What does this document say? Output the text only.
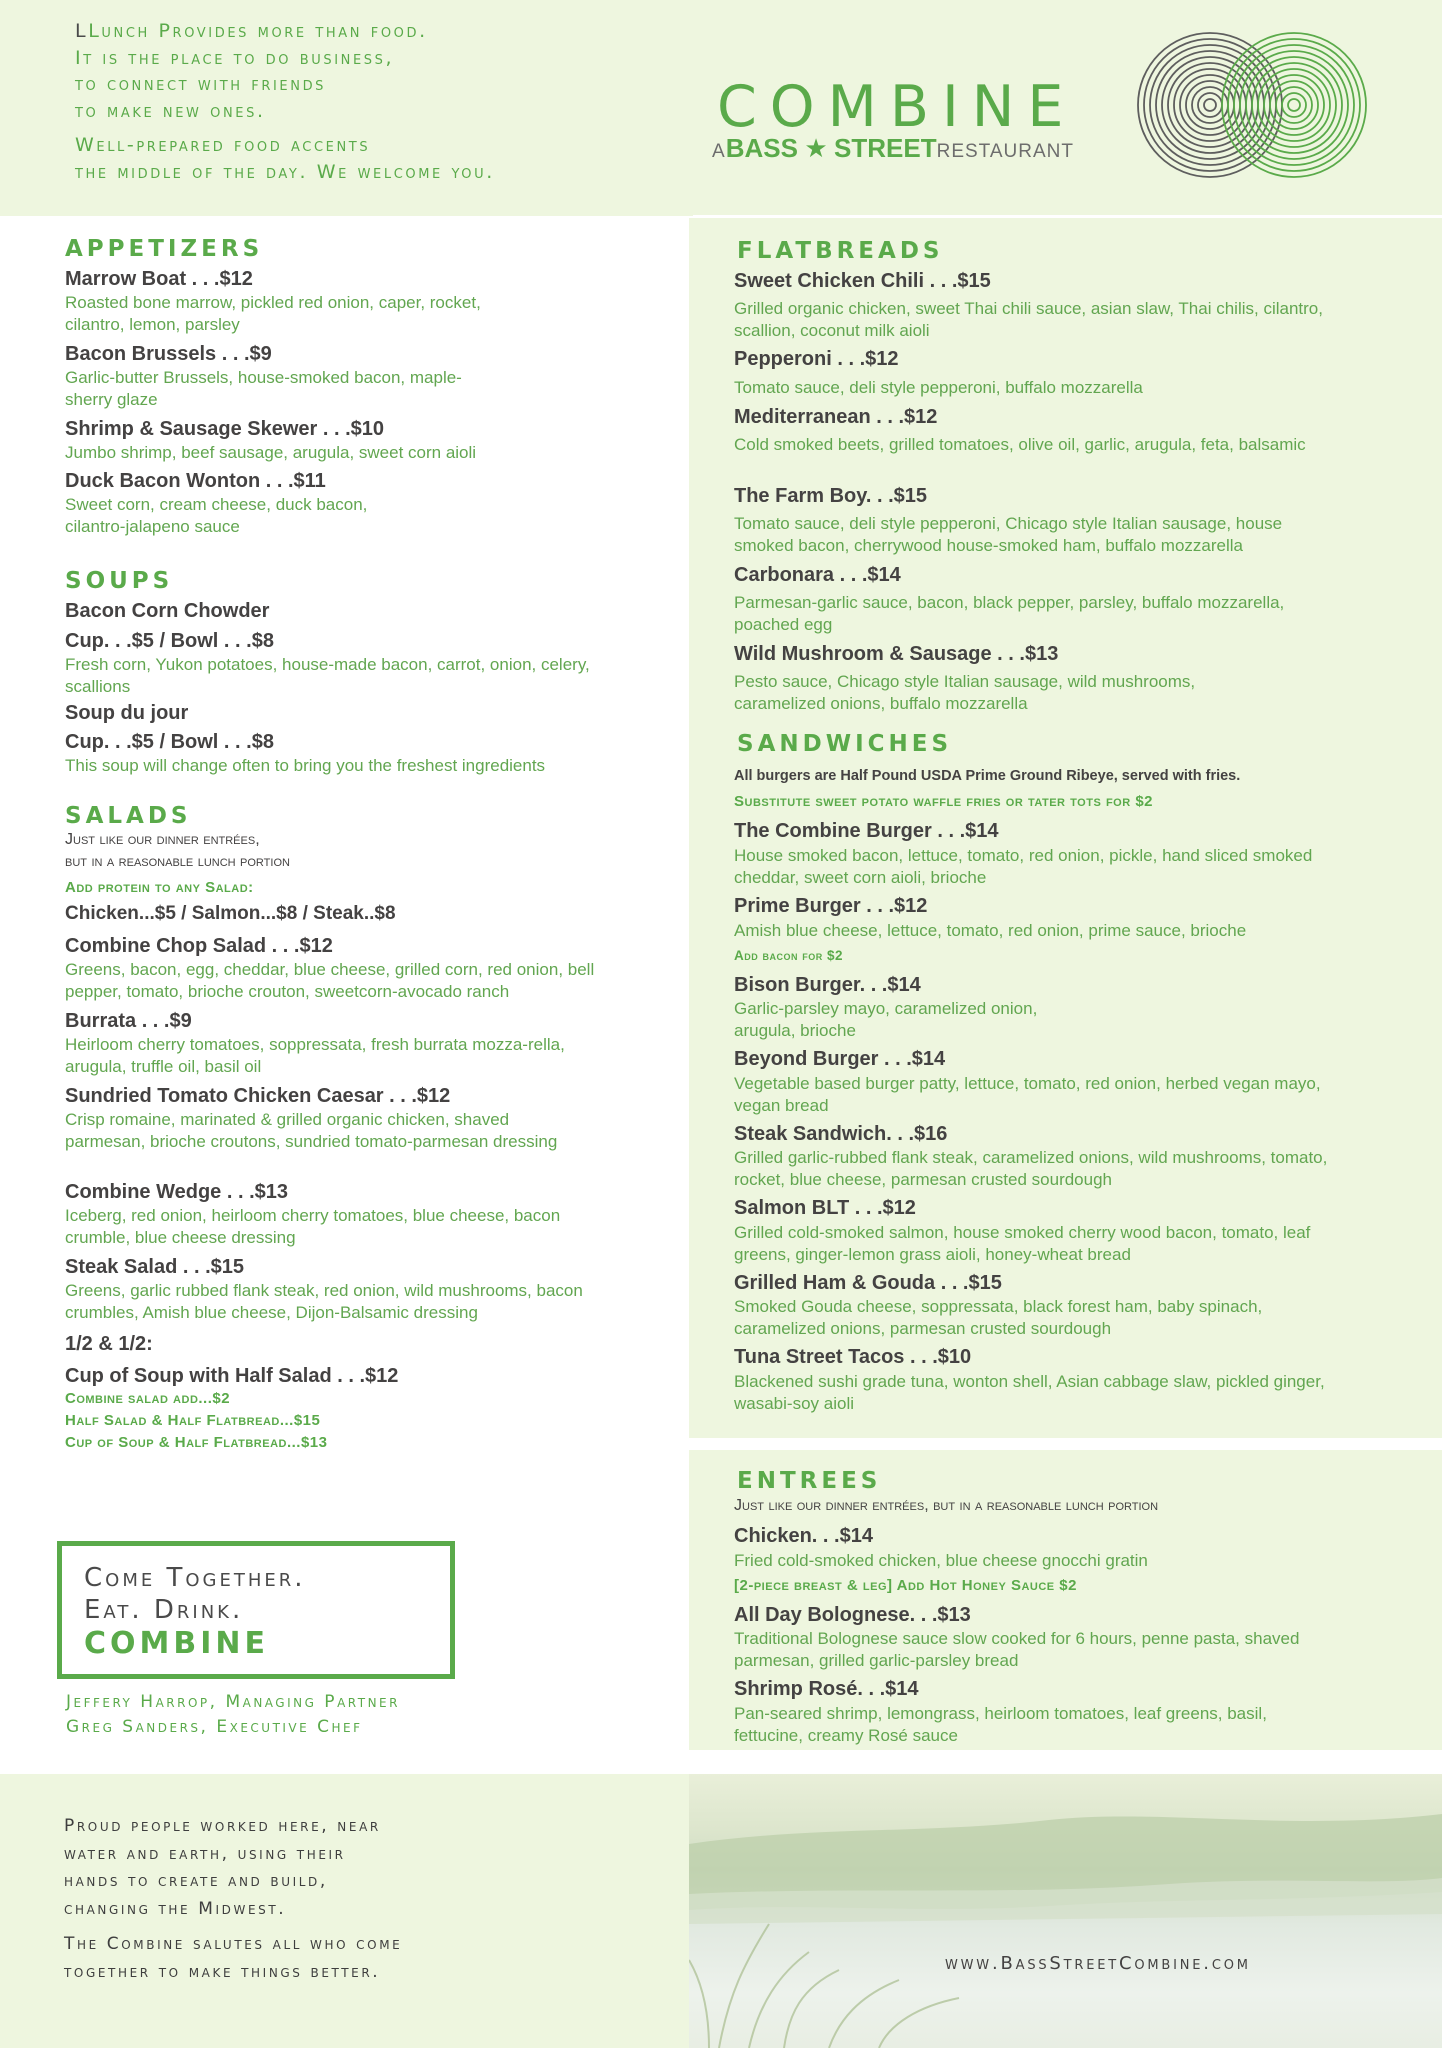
LLunch Provides more than food.
It is the place to do business,
to connect with friends
to make new ones.
Well-prepared food accents
the middle of the day. We welcome you.
COMBINE
ABASS ★ STREETRESTAURANT
APPETIZERS
Marrow Boat . . .$12
Roasted bone marrow, pickled red onion, caper, rocket, cilantro, lemon, parsley
Bacon Brussels . . .$9
Garlic-butter Brussels, house-smoked bacon, maple-sherry glaze
Shrimp & Sausage Skewer . . .$10
Jumbo shrimp, beef sausage, arugula, sweet corn aioli
Duck Bacon Wonton . . .$11
Sweet corn, cream cheese, duck bacon, cilantro-jalapeno sauce
SOUPS
Bacon Corn Chowder
Cup. . .$5 / Bowl . . .$8
Fresh corn, Yukon potatoes, house-made bacon, carrot, onion, celery, scallions
Soup du jour
Cup. . .$5 / Bowl . . .$8
This soup will change often to bring you the freshest ingredients
SALADS
Just like our dinner entrées,
but in a reasonable lunch portion
Add protein to any Salad:
Chicken...$5 / Salmon...$8 / Steak..$8
Combine Chop Salad . . .$12
Greens, bacon, egg, cheddar, blue cheese, grilled corn, red onion, bell pepper, tomato, brioche crouton, sweetcorn-avocado ranch
Burrata . . .$9
Heirloom cherry tomatoes, soppressata, fresh burrata mozza-rella, arugula, truffle oil, basil oil
Sundried Tomato Chicken Caesar . . .$12
Crisp romaine, marinated & grilled organic chicken, shaved parmesan, brioche croutons, sundried tomato-parmesan dressing
Combine Wedge . . .$13
Iceberg, red onion, heirloom cherry tomatoes, blue cheese, bacon crumble, blue cheese dressing
Steak Salad . . .$15
Greens, garlic rubbed flank steak, red onion, wild mushrooms, bacon crumbles, Amish blue cheese, Dijon-Balsamic dressing
1/2 & 1/2:
Cup of Soup with Half Salad . . .$12
Combine salad add...$2
Half Salad & Half Flatbread...$15
Cup of Soup & Half Flatbread...$13
Come Together.
Eat. Drink.
COMBINE
Jeffery Harrop, Managing Partner
Greg Sanders, Executive Chef
Proud people worked here, near
water and earth, using their
hands to create and build,
changing the Midwest.
The Combine salutes all who come
together to make things better.
FLATBREADS
Sweet Chicken Chili . . .$15
Grilled organic chicken, sweet Thai chili sauce, asian slaw, Thai chilis, cilantro, scallion, coconut milk aioli
Pepperoni . . .$12
Tomato sauce, deli style pepperoni, buffalo mozzarella
Mediterranean . . .$12
Cold smoked beets, grilled tomatoes, olive oil, garlic, arugula, feta, balsamic
The Farm Boy. . .$15
Tomato sauce, deli style pepperoni, Chicago style Italian sausage, house smoked bacon, cherrywood house-smoked ham, buffalo mozzarella
Carbonara . . .$14
Parmesan-garlic sauce, bacon, black pepper, parsley, buffalo mozzarella, poached egg
Wild Mushroom & Sausage . . .$13
Pesto sauce, Chicago style Italian sausage, wild mushrooms, caramelized onions, buffalo mozzarella
SANDWICHES
All burgers are Half Pound USDA Prime Ground Ribeye, served with fries.
Substitute sweet potato waffle fries or tater tots for $2
The Combine Burger . . .$14
House smoked bacon, lettuce, tomato, red onion, pickle, hand sliced smoked cheddar, sweet corn aioli, brioche
Prime Burger . . .$12
Amish blue cheese, lettuce, tomato, red onion, prime sauce, brioche
Add bacon for $2
Bison Burger. . .$14
Garlic-parsley mayo, caramelized onion, arugula, brioche
Beyond Burger . . .$14
Vegetable based burger patty, lettuce, tomato, red onion, herbed vegan mayo, vegan bread
Steak Sandwich. . .$16
Grilled garlic-rubbed flank steak, caramelized onions, wild mushrooms, tomato, rocket, blue cheese, parmesan crusted sourdough
Salmon BLT . . .$12
Grilled cold-smoked salmon, house smoked cherry wood bacon, tomato, leaf greens, ginger-lemon grass aioli, honey-wheat bread
Grilled Ham & Gouda . . .$15
Smoked Gouda cheese, soppressata, black forest ham, baby spinach, caramelized onions, parmesan crusted sourdough
Tuna Street Tacos . . .$10
Blackened sushi grade tuna, wonton shell, Asian cabbage slaw, pickled ginger, wasabi-soy aioli
ENTREES
Just like our dinner entrées, but in a reasonable lunch portion
Chicken. . .$14
Fried cold-smoked chicken, blue cheese gnocchi gratin
[2-piece breast & leg] Add Hot Honey Sauce $2
All Day Bolognese. . .$13
Traditional Bolognese sauce slow cooked for 6 hours, penne pasta, shaved parmesan, grilled garlic-parsley bread
Shrimp Rosé. . .$14
Pan-seared shrimp, lemongrass, heirloom tomatoes, leaf greens, basil, fettucine, creamy Rosé sauce
www.BassStreetCombine.com
